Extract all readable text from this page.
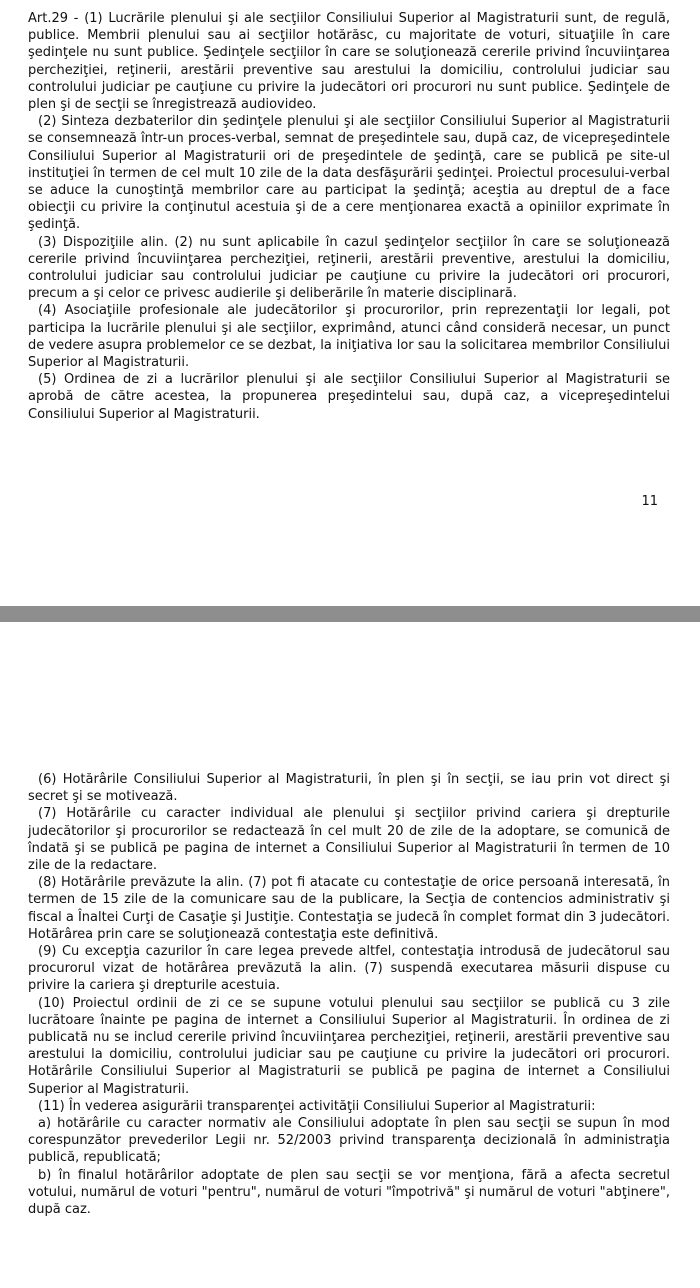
Art.29 - (1) Lucrările plenului şi ale secţiilor Consiliului Superior al Magistraturii sunt, de regulă, publice. Membrii plenului sau ai secţiilor hotărăsc, cu majoritate de voturi, situaţiile în care şedinţele nu sunt publice. Şedinţele secţiilor în care se soluţionează cererile privind încuviinţarea percheziţiei, reţinerii, arestării preventive sau arestului la domiciliu, controlului judiciar sau controlului judiciar pe cauţiune cu privire la judecători ori procurori nu sunt publice. Şedinţele de plen şi de secţii se înregistrează audiovideo.

(2) Sinteza dezbaterilor din şedinţele plenului şi ale secţiilor Consiliului Superior al Magistraturii se consemnează într-un proces-verbal, semnat de preşedintele sau, după caz, de vicepreşedintele Consiliului Superior al Magistraturii ori de preşedintele de şedinţă, care se publică pe site-ul instituţiei în termen de cel mult 10 zile de la data desfăşurării şedinţei. Proiectul procesului-verbal se aduce la cunoştinţă membrilor care au participat la şedinţă; aceştia au dreptul de a face obiecţii cu privire la conţinutul acestuia şi de a cere menţionarea exactă a opiniilor exprimate în şedinţă.

(3) Dispoziţiile alin. (2) nu sunt aplicabile în cazul şedinţelor secţiilor în care se soluţionează cererile privind încuviinţarea percheziţiei, reţinerii, arestării preventive, arestului la domiciliu, controlului judiciar sau controlului judiciar pe cauţiune cu privire la judecători ori procurori, precum a şi celor ce privesc audierile şi deliberările în materie disciplinară.

(4) Asociaţiile profesionale ale judecătorilor şi procurorilor, prin reprezentaţii lor legali, pot participa la lucrările plenului şi ale secţiilor, exprimând, atunci când consideră necesar, un punct de vedere asupra problemelor ce se dezbat, la iniţiativa lor sau la solicitarea membrilor Consiliului Superior al Magistraturii.

(5) Ordinea de zi a lucrărilor plenului şi ale secţiilor Consiliului Superior al Magistraturii se aprobă de către acestea, la propunerea preşedintelui sau, după caz, a vicepreşedintelui Consiliului Superior al Magistraturii.

11

(6) Hotărârile Consiliului Superior al Magistraturii, în plen şi în secţii, se iau prin vot direct şi secret şi se motivează.

(7) Hotărârile cu caracter individual ale plenului şi secţiilor privind cariera şi drepturile judecătorilor şi procurorilor se redactează în cel mult 20 de zile de la adoptare, se comunică de îndată şi se publică pe pagina de internet a Consiliului Superior al Magistraturii în termen de 10 zile de la redactare.

(8) Hotărârile prevăzute la alin. (7) pot fi atacate cu contestaţie de orice persoană interesată, în termen de 15 zile de la comunicare sau de la publicare, la Secţia de contencios administrativ şi fiscal a Înaltei Curţi de Casaţie şi Justiţie. Contestaţia se judecă în complet format din 3 judecători. Hotărârea prin care se soluţionează contestaţia este definitivă.

(9) Cu excepţia cazurilor în care legea prevede altfel, contestaţia introdusă de judecătorul sau procurorul vizat de hotărârea prevăzută la alin. (7) suspendă executarea măsurii dispuse cu privire la cariera şi drepturile acestuia.

(10) Proiectul ordinii de zi ce se supune votului plenului sau secţiilor se publică cu 3 zile lucrătoare înainte pe pagina de internet a Consiliului Superior al Magistraturii. În ordinea de zi publicată nu se includ cererile privind încuviinţarea percheziţiei, reţinerii, arestării preventive sau arestului la domiciliu, controlului judiciar sau pe cauţiune cu privire la judecători ori procurori. Hotărârile Consiliului Superior al Magistraturii se publică pe pagina de internet a Consiliului Superior al Magistraturii.

(11) În vederea asigurării transparenţei activităţii Consiliului Superior al Magistraturii:

a) hotărârile cu caracter normativ ale Consiliului adoptate în plen sau secţii se supun în mod corespunzător prevederilor Legii nr. 52/2003 privind transparenţa decizională în administraţia publică, republicată;

b) în finalul hotărârilor adoptate de plen sau secţii se vor menţiona, fără a afecta secretul votului, numărul de voturi "pentru", numărul de voturi "împotrivă" şi numărul de voturi "abţinere", după caz.
